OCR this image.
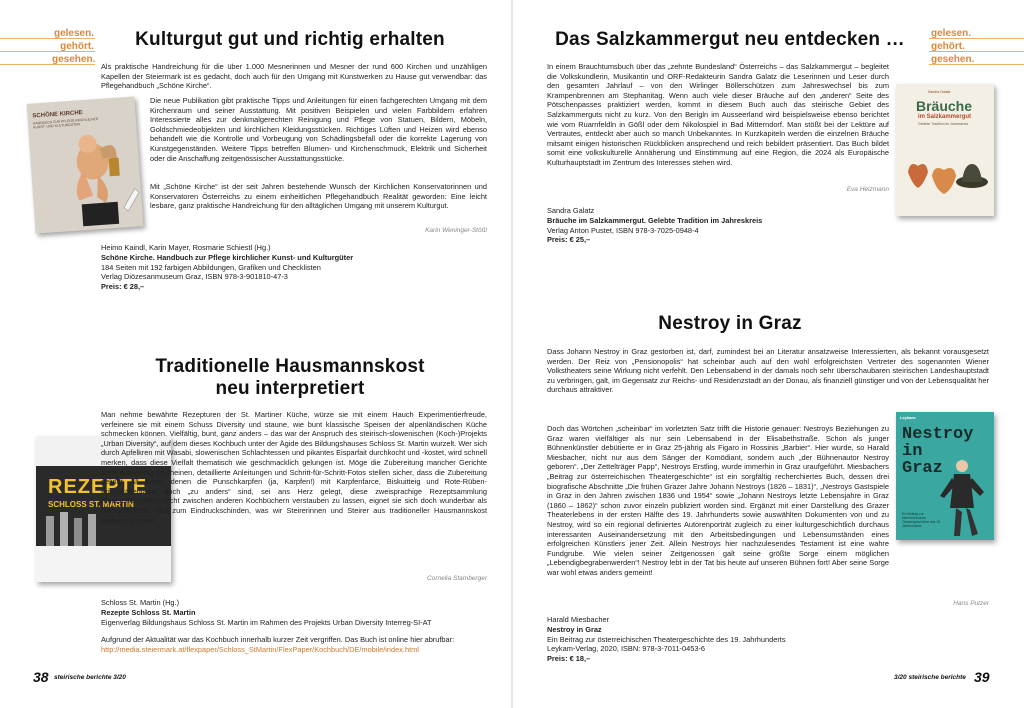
gelesen.
gehört.
gesehen.
Kulturgut gut und richtig erhalten
Als praktische Handreichung für die über 1.000 Mesnerinnen und Mesner der rund 600 Kirchen und unzähligen Kapellen der Steiermark ist es gedacht, doch auch für den Umgang mit Kunstwerken zu Hause gut verwendbar: das Pflegehandbuch „Schöne Kirche“.
SCHÖNE KIRCHE
HANDBUCH ZUR PFLEGE KIRCHLICHER KUNST- UND KULTURGÜTER
Die neue Publikation gibt praktische Tipps und Anleitungen für einen fachgerechten Umgang mit dem Kirchenraum und seiner Ausstattung. Mit positiven Beispielen und vielen Farbbildern erfahren Interessierte alles zur denkmalgerechten Reinigung und Pflege von Statuen, Bildern, Möbeln, Goldschmiedeobjekten und kirchlichen Kleidungsstücken. Richtiges Lüften und Heizen wird ebenso behandelt wie die Kontrolle und Vorbeugung von Schädlingsbefall oder die korrekte Lagerung von Kunstgegenständen. Weitere Tipps betreffen Blumen- und Kirchenschmuck, Elektrik und Sicherheit oder die Anschaffung zeitgenössischer Ausstattungsstücke.
Mit „Schöne Kirche“ ist der seit Jahren bestehende Wunsch der Kirchlichen Konservatorinnen und Konservatoren Österreichs zu einem einheitlichen Pflegehandbuch Realität geworden: Eine leicht lesbare, ganz praktische Handreichung für den alltäglichen Umgang mit unserem Kulturgut.
Karin Weninger-Stößl
Heimo Kaindl, Karin Mayer, Rosmarie Schiestl (Hg.)
Schöne Kirche. Handbuch zur Pflege kirchlicher Kunst- und Kulturgüter
184 Seiten mit 192 farbigen Abbildungen, Grafiken und Checklisten
Verlag Diözesanmuseum Graz, ISBN 978-3-901810-47-3
Preis: € 28,–
Traditionelle Hausmannskost
neu interpretiert
REZEPTE
SCHLOSS ST. MARTIN

Man nehme bewährte Rezepturen der St. Martiner Küche, würze sie mit einem Hauch Experimentierfreude, verfeinere sie mit einem Schuss Diversity und staune, wie bunt klassische Speisen der alpenländischen Küche schmecken können. Vielfältig, bunt, ganz anders – das war der Anspruch des steirisch-slowenischen (Koch-)Projekts „Urban Diversity“, auf dem dieses Kochbuch unter der Ägide des Bildungshauses Schloss St. Martin wurzelt. Wer sich durch Apfelkren mit Wasabi, slowenischen Schlachtessen und pikantes Eisparfait durchkocht und -kostet, wird schnell merken, dass diese Vielfalt thematisch wie geschmacklich gelungen ist. Möge die Zubereitung mancher Gerichte auch aufwendig erscheinen, detaillierte Anleitungen und Schritt-für-Schritt-Fotos stellen sicher, dass die Zubereitung gelingt. All jenen, denen die Punschkarpfen (ja, Karpfen!) mit Karpfenfarce, Biskuitteig und Rote-Rüben-Frischkäseglasur doch „zu anders“ sind, sei ans Herz gelegt, diese zweisprachige Rezeptsammlung (deutsch/englisch) nicht zwischen anderen Kochbüchern verstauben zu lassen, eignet sie sich doch wunderbar als Gastgeschenk. Und zum Eindruckschinden, was wir Steirerinnen und Steirer aus traditioneller Hausmannskost zaubern können.

Cornelia Stamberger
Schloss St. Martin (Hg.)
Rezepte Schloss St. Martin
Eigenverlag Bildungshaus Schloss St. Martin im Rahmen des Projekts Urban Diversity Interreg-SI-AT
Aufgrund der Aktualität war das Kochbuch innerhalb kurzer Zeit vergriffen. Das Buch ist online hier abrufbar:
http://media.steiermark.at/flexpaper/Schloss_StMartin/FlexPaper/Kochbuch/DE/mobile/index.html
38 steirische berichte 3/20
gelesen.
gehört.
gesehen.
Das Salzkammergut neu entdecken …
In einem Brauchtumsbuch über das „zehnte Bundesland“ Österreichs – das Salzkammergut – begleitet die Volkskundlerin, Musikantin und ORF-Redakteurin Sandra Galatz die Leserinnen und Leser durch den gesamten Jahrlauf – von den Wirlinger Böllerschützen zum Jahreswechsel bis zum Krampenbrennen am Stephanitag. Wenn auch viele dieser Bräuche auf den „anderen“ Seite des Pötschenpasses praktiziert werden, kommt in diesem Buch auch das steirische Gebiet des Salzkammerguts nicht zu kurz. Von den Berigln im Ausseerland wird beispielsweise ebenso berichtet wie vom Ruarnfeldln in Gößl oder dem Nikolospiel in Bad Mitterndorf. Man stößt bei der Lektüre auf Vertrautes, entdeckt aber auch so manch Unbekanntes. In Kurzkapiteln werden die einzelnen Bräuche mitsamt einigen historischen Rückblicken ansprechend und reich bebildert präsentiert. Das Buch bildet somit eine volkskulturelle Annäherung und Einstimmung auf eine Region, die 2024 als Europäische Kulturhauptstadt im Zentrum des Interesses stehen wird.
Eva Heizmann
Sandra Galatz
Bräuche
im Salzkammergut
Gelebte Tradition im Jahreskreis
Sandra Galatz
Bräuche im Salzkammergut. Gelebte Tradition im Jahreskreis
Verlag Anton Pustet, ISBN 978-3-7025-0948-4
Preis: € 25,–
Nestroy in Graz
Dass Johann Nestroy in Graz gestorben ist, darf, zumindest bei an Literatur ansatzweise Interessierten, als bekannt vorausgesetzt werden. Der Reiz von „Pensionopolis“ hat scheinbar auch auf den wohl erfolgreichsten Vertreter des sogenannten Wiener Volkstheaters seine Wirkung nicht verfehlt. Den Lebensabend in der damals noch sehr überschaubaren steirischen Landeshauptstadt zu verbringen, galt, im Gegensatz zur Reichs- und Residenzstadt an der Donau, als finanziell günstiger und von der Lebensqualität her durchaus attraktiver.
Leykam:
Nestroy
in
Graz
Ein Beitrag zur österreichischen Theatergeschichte des 19. Jahrhunderts

Doch das Wörtchen „scheinbar“ im vorletzten Satz trifft die Historie genauer: Nestroys Beziehungen zu Graz waren vielfältiger als nur sein Lebensabend in der Elisabethstraße. Schon als junger Bühnenkünstler debütierte er in Graz 25-jährig als Figaro in Rossinis „Barbier“. Hier wurde, so Harald Miesbacher, nicht nur aus dem Sänger der Komödiant, sondern auch „der Bühnenautor Nestroy geboren“. „Der Zettelträger Papp“, Nestroys Erstling, wurde immerhin in Graz uraufgeführt. Miesbachers „Beitrag zur österreichischen Theatergeschichte“ ist ein sorgfältig recherchiertes Buch, dessen drei biografische Abschnitte „Die frühen Grazer Jahre Johann Nestroys (1826 – 1831)“, „Nestroys Gastspiele in Graz in den Jahren zwischen 1836 und 1954“ sowie „Johann Nestroys letzte Lebensjahre in Graz (1860 – 1862)“ schon zuvor einzeln publiziert worden sind. Ergänzt mit einer Darstellung des Grazer Theaterlebens in der ersten Hälfte des 19. Jahrhunderts sowie auswählten Dokumenten von und zu Nestroy, wird so ein regional definiertes Autorenporträt zugleich zu einer kulturgeschichtlich durchaus interessanten Auseinandersetzung mit den Arbeitsbedingungen und Lebensumständen eines erfolgreichen Künstlers jener Zeit. Allein Nestroys hier nachzulesendes Testament ist eine wahre Fundgrube. Wie vielen seiner Zeitgenossen galt seine größte Sorge einem möglichen „Lebendigbegrabenwerden“! Nestroy lebt in der Tat bis heute auf unseren Bühnen fort! Aber seine Sorge war wohl etwas anders gemeint!

Hans Putzer
Harald Miesbacher
Nestroy in Graz
Ein Beitrag zur österreichischen Theatergeschichte des 19. Jahrhunderts
Leykam-Verlag, 2020, ISBN: 978-3-7011-0453-6
Preis: € 18,–
3/20 steirische berichte 39
